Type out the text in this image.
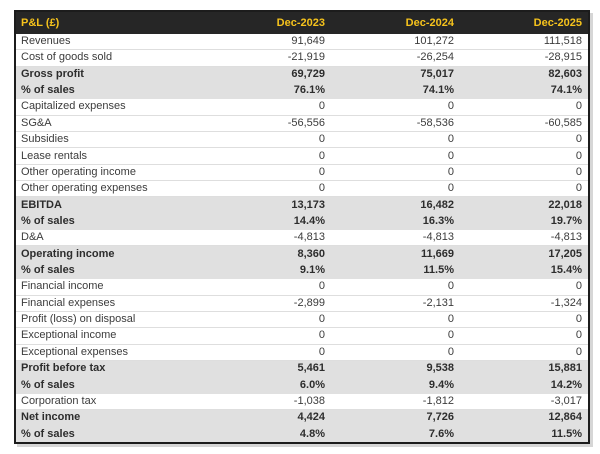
P&L (£)	Dec-2023	Dec-2024	Dec-2025
Revenues	91,649	101,272	111,518
Cost of goods sold	-21,919	-26,254	-28,915
Gross profit	69,729	75,017	82,603
% of sales	76.1%	74.1%	74.1%
Capitalized expenses	0	0	0
SG&A	-56,556	-58,536	-60,585
Subsidies	0	0	0
Lease rentals	0	0	0
Other operating income	0	0	0
Other operating expenses	0	0	0
EBITDA	13,173	16,482	22,018
% of sales	14.4%	16.3%	19.7%
D&A	-4,813	-4,813	-4,813
Operating income	8,360	11,669	17,205
% of sales	9.1%	11.5%	15.4%
Financial income	0	0	0
Financial expenses	-2,899	-2,131	-1,324
Profit (loss) on disposal	0	0	0
Exceptional income	0	0	0
Exceptional expenses	0	0	0
Profit before tax	5,461	9,538	15,881
% of sales	6.0%	9.4%	14.2%
Corporation tax	-1,038	-1,812	-3,017
Net income	4,424	7,726	12,864
% of sales	4.8%	7.6%	11.5%
